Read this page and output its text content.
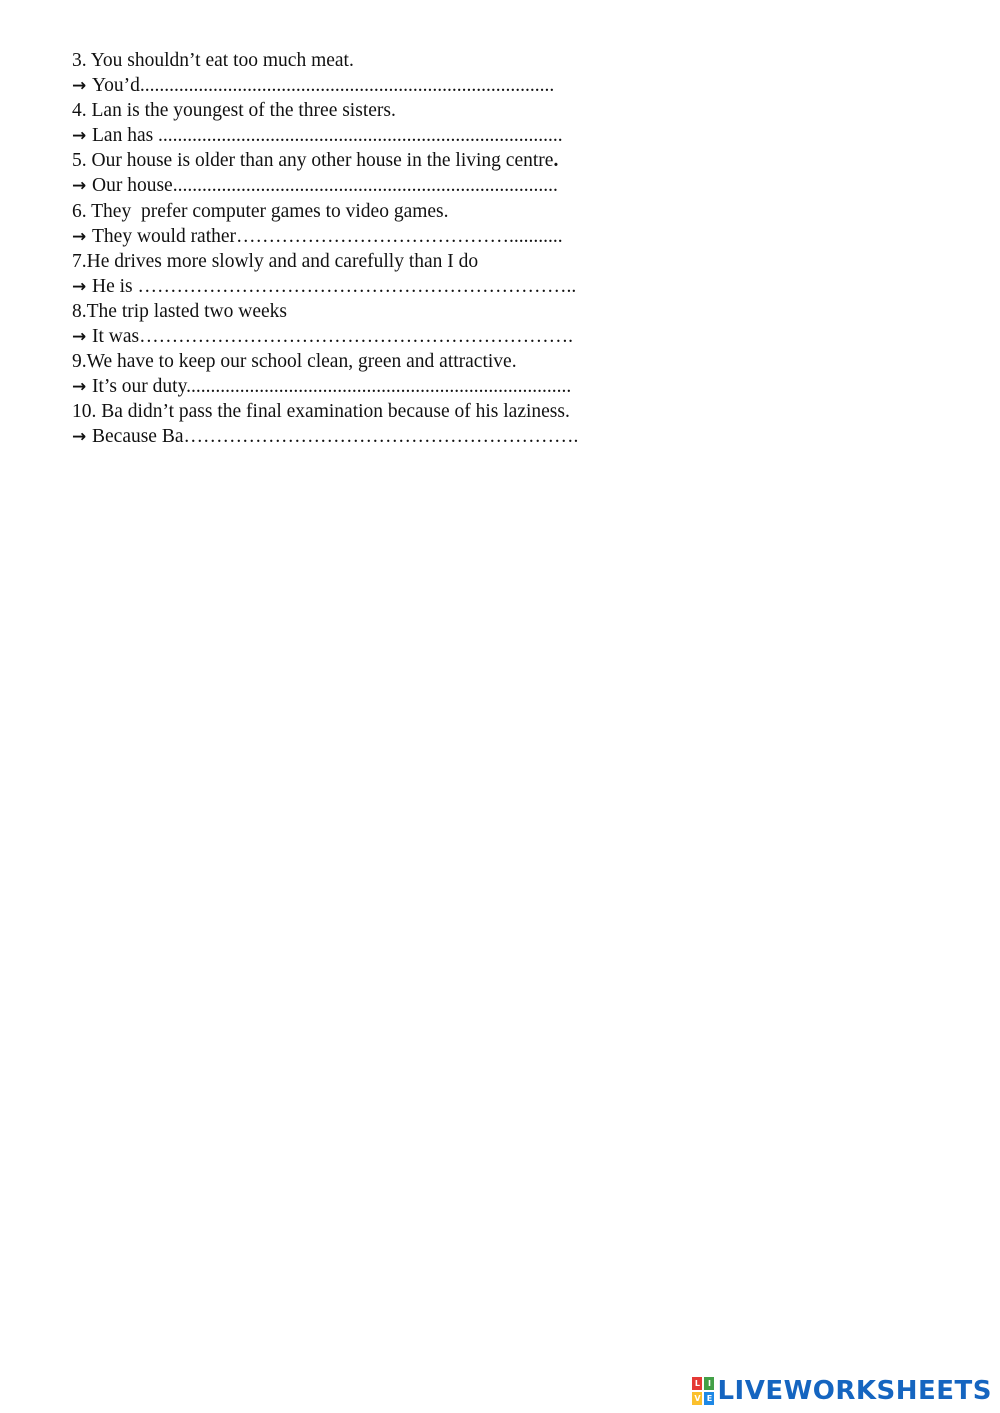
3. You shouldn’t eat too much meat.
→ You’d.....................................................................................
4. Lan is the youngest of the three sisters.
→ Lan has ...................................................................................
5. Our house is older than any other house in the living centre.
→ Our house...............................................................................
6. They  prefer computer games to video games.
→ They would rather……………………………………...........
7.He drives more slowly and and carefully than I do
→ He is …………………………………………………………..
8.The trip lasted two weeks
→ It was………………………………………………………….
9.We have to keep our school clean, green and attractive.
→ It’s our duty...............................................................................
10. Ba didn’t pass the final examination because of his laziness.
→ Because Ba…………………………………………………….
L I
V E LIVEWORKSHEETS
